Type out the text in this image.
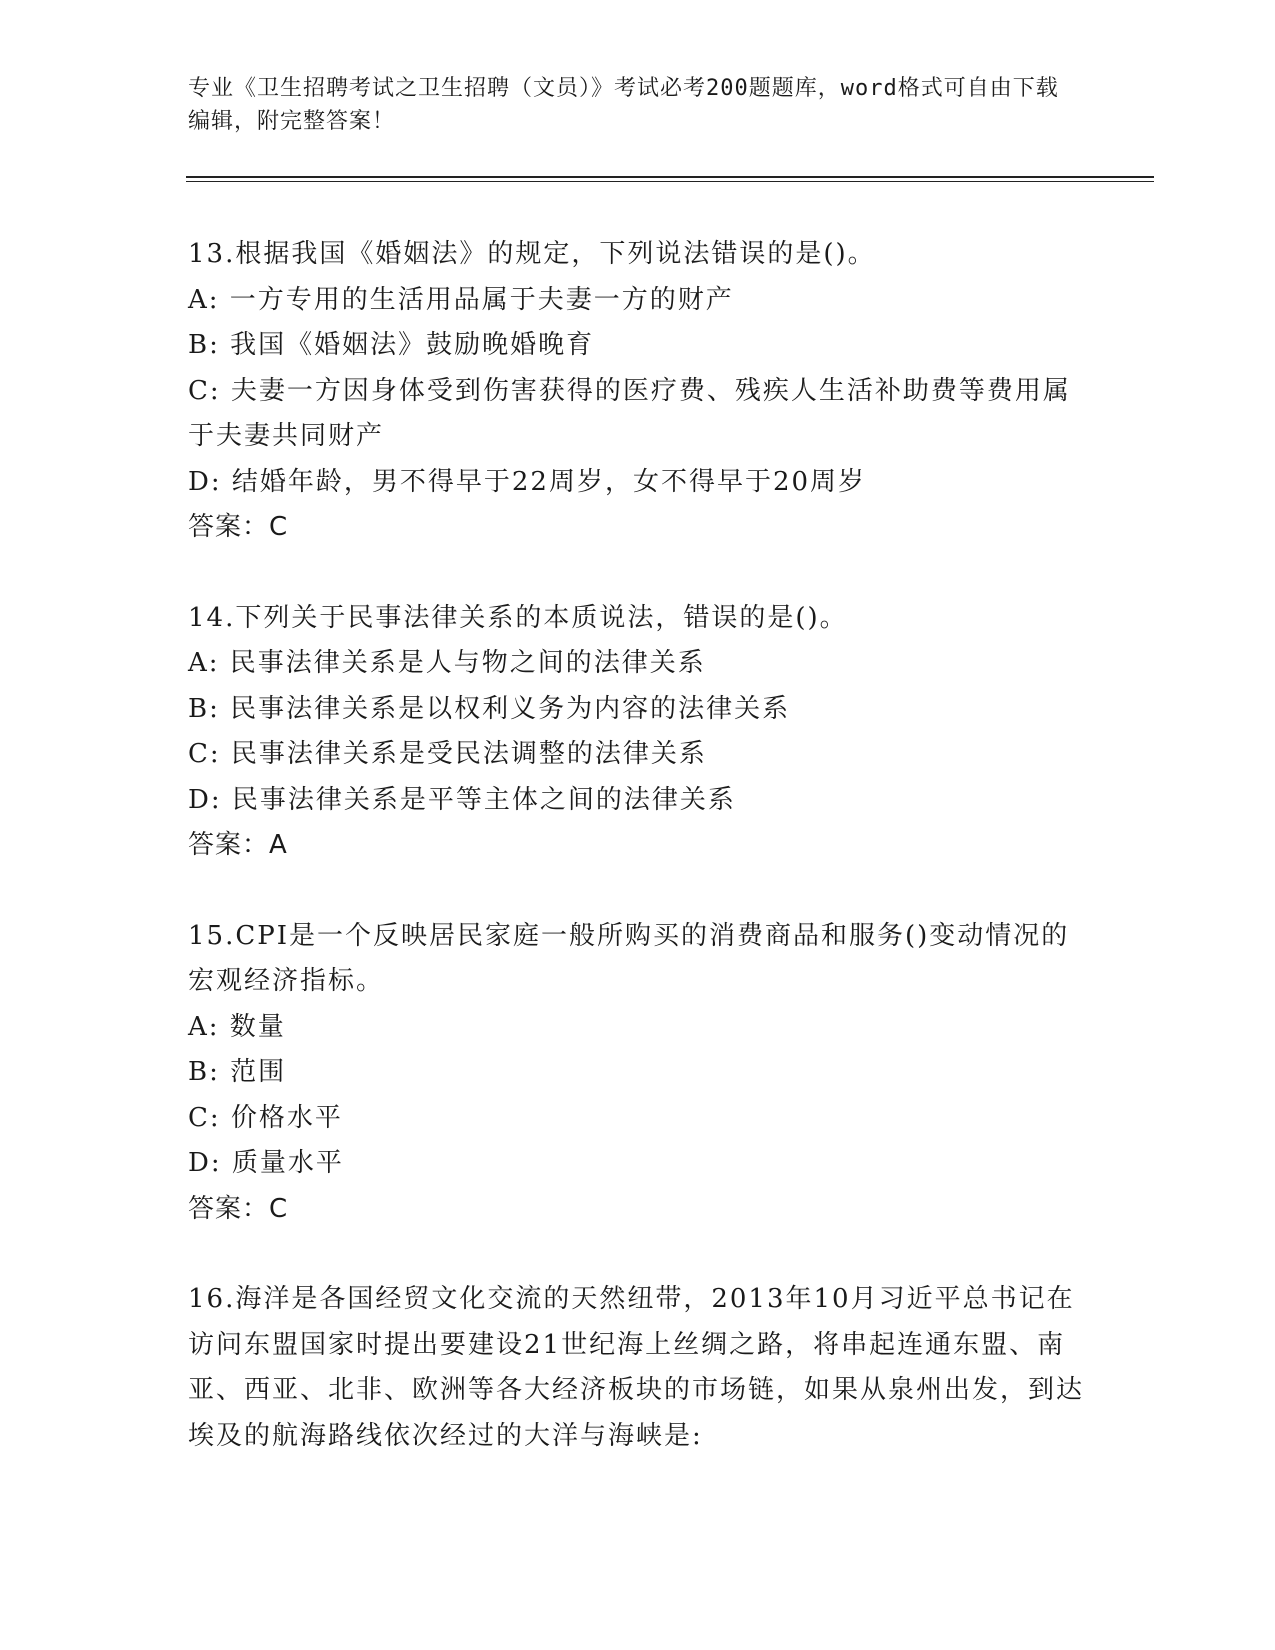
专业《卫生招聘考试之卫生招聘（文员）》考试必考200题题库，word格式可自由下载编辑，附完整答案！

13.根据我国《婚姻法》的规定，下列说法错误的是()。

A: 一方专用的生活用品属于夫妻一方的财产

B: 我国《婚姻法》鼓励晚婚晚育

C: 夫妻一方因身体受到伤害获得的医疗费、残疾人生活补助费等费用属于夫妻共同财产

D: 结婚年龄，男不得早于22周岁，女不得早于20周岁

答案：C

14.下列关于民事法律关系的本质说法，错误的是()。

A: 民事法律关系是人与物之间的法律关系

B: 民事法律关系是以权利义务为内容的法律关系

C: 民事法律关系是受民法调整的法律关系

D: 民事法律关系是平等主体之间的法律关系

答案：A

15.CPI是一个反映居民家庭一般所购买的消费商品和服务()变动情况的宏观经济指标。

A: 数量

B: 范围

C: 价格水平

D: 质量水平

答案：C

16.海洋是各国经贸文化交流的天然纽带，2013年10月习近平总书记在访问东盟国家时提出要建设21世纪海上丝绸之路，将串起连通东盟、南亚、西亚、北非、欧洲等各大经济板块的市场链，如果从泉州出发，到达埃及的航海路线依次经过的大洋与海峡是:
